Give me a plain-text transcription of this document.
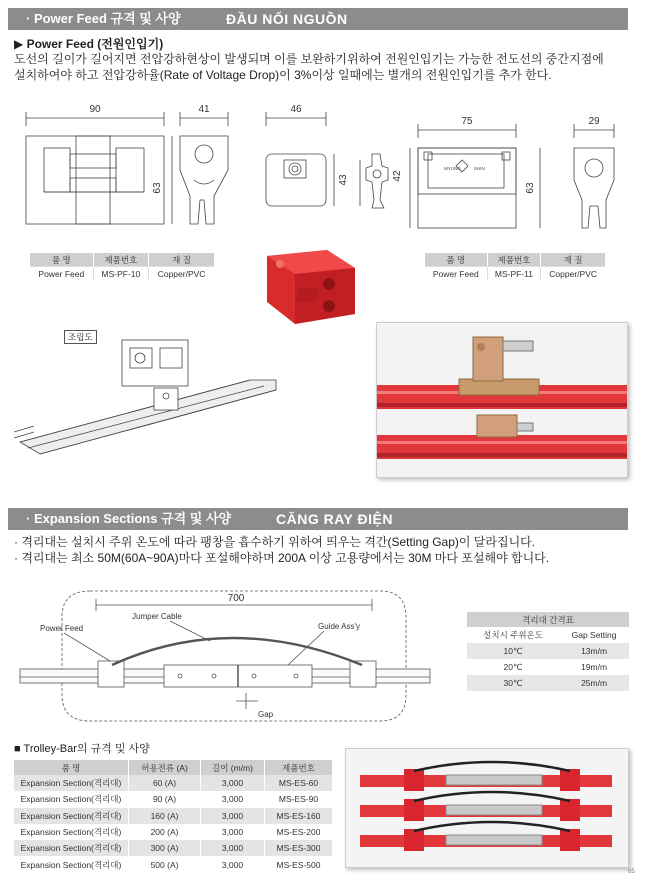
· Power Feed 규격 및 사양	ĐẦU NỐI NGUỒN
▶ Power Feed (전원인입기)
도선의 길이가 길어지면 전압강하현상이 발생되며 이를 보완하기위하여 전원인입기는 가능한 전도선의 중간지점에
설치하여야 하고 전압강하율(Rate of Voltage Drop)이 3%이상 일때에는 별개의 전원인입기를 추가 한다.
90	41
63
46
43	42
75	29
63
MYUNG	SHIN
품 명	제품번호	재 질
Power Feed	MS-PF-10	Copper/PVC
품 명	제품번호	재 질
Power Feed	MS-PF-11	Copper/PVC
조립도
· Expansion Sections 규격 및 사양	CĂNG RAY ĐIỆN
· 격리대는 설치시 주위 온도에 따라 팽창을 흡수하기 위하여 띄우는 격간(Setting Gap)이 달라집니다.
· 격리대는 최소 50M(60A~90A)마다 포설해야하며 200A 이상 고용량에서는 30M 마다 포설해야 합니다.
700
Power Feed
Jumper Cable
Guide Ass'y
Gap
격리대 간격표	
설치시 주위온도	Gap Setting
10℃	13m/m
20℃	19m/m
30℃	25m/m
■ Trolley-Bar의 규격 및 사양
품 명	허용전류 (A)	길이 (m/m)	제품번호
Expansion Section(격리대)	60 (A)	3,000	MS-ES-60
Expansion Section(격리대)	90 (A)	3,000	MS-ES-90
Expansion Section(격리대)	160 (A)	3,000	MS-ES-160
Expansion Section(격리대)	200 (A)	3,000	MS-ES-200
Expansion Section(격리대)	300 (A)	3,000	MS-ES-300
Expansion Section(격리대)	500 (A)	3,000	MS-ES-500
65
